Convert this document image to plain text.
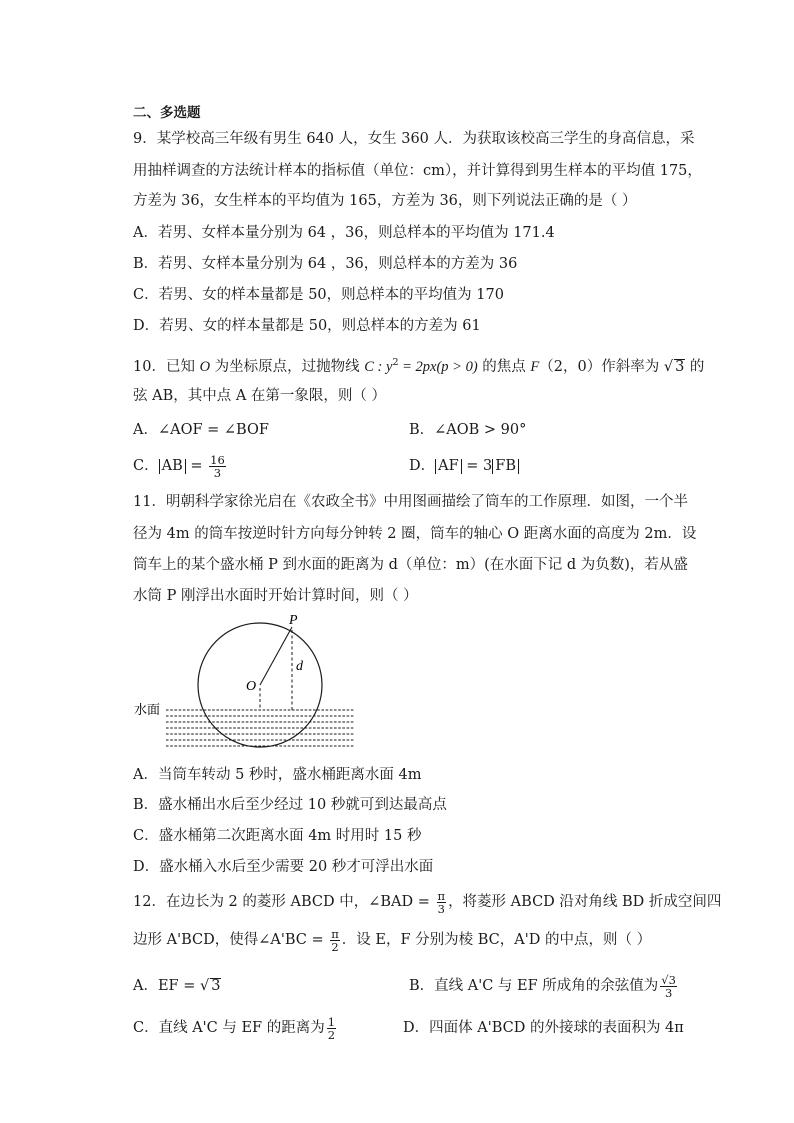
二、多选题
9．某学校高三年级有男生 640 人，女生 360 人．为获取该校高三学生的身高信息，采
用抽样调查的方法统计样本的指标值（单位：cm），并计算得到男生样本的平均值 175，
方差为 36，女生样本的平均值为 165，方差为 36，则下列说法正确的是（ ）
A．若男、女样本量分别为 64 ，36，则总样本的平均值为 171.4
B．若男、女样本量分别为 64 ，36，则总样本的方差为 36
C．若男、女的样本量都是 50，则总样本的平均值为 170
D．若男、女的样本量都是 50，则总样本的方差为 61
10．已知 O 为坐标原点，过抛物线 C : $y^2 = 2px(p > 0)$ 的焦点 F（2，0）作斜率为 √ 3 的
弦 AB，其中点 A 在第一象限，则（ ）
A．∠AOF = ∠BOF	B．∠AOB > 90°
C． AB = $\frac{16}{3}$	D． AF = 3 FB
11．明朝科学家徐光启在《农政全书》中用图画描绘了筒车的工作原理．如图，一个半
径为 4m 的筒车按逆时针方向每分钟转 2 圈，筒车的轴心 O 距离水面的高度为 2m．设
筒车上的某个盛水桶 P 到水面的距离为 d（单位：m）(在水面下记 d 为负数)，若从盛
水筒 P 刚浮出水面时开始计算时间，则（ ）
P
O
d
水面
A．当筒车转动 5 秒时，盛水桶距离水面 4m
B．盛水桶出水后至少经过 10 秒就可到达最高点
C．盛水桶第二次距离水面 4m 时用时 15 秒
D．盛水桶入水后至少需要 20 秒才可浮出水面
12．在边长为 2 的菱形 ABCD 中，∠BAD = $\frac{\pi}{3}$ ，将菱形 ABCD 沿对角线 BD 折成空间四
边形 A'BCD，使得∠A'BC = $\frac{\pi}{2}$ ．设 E，F 分别为棱 BC，A'D 的中点，则（ ）
A．EF = √ 3	B．直线 A'C 与 EF 所成角的余弦值为 $\frac{√3}{3}$
C．直线 A'C 与 EF 的距离为 $\frac{1}{2}$	D．四面体 A'BCD 的外接球的表面积为 4π
